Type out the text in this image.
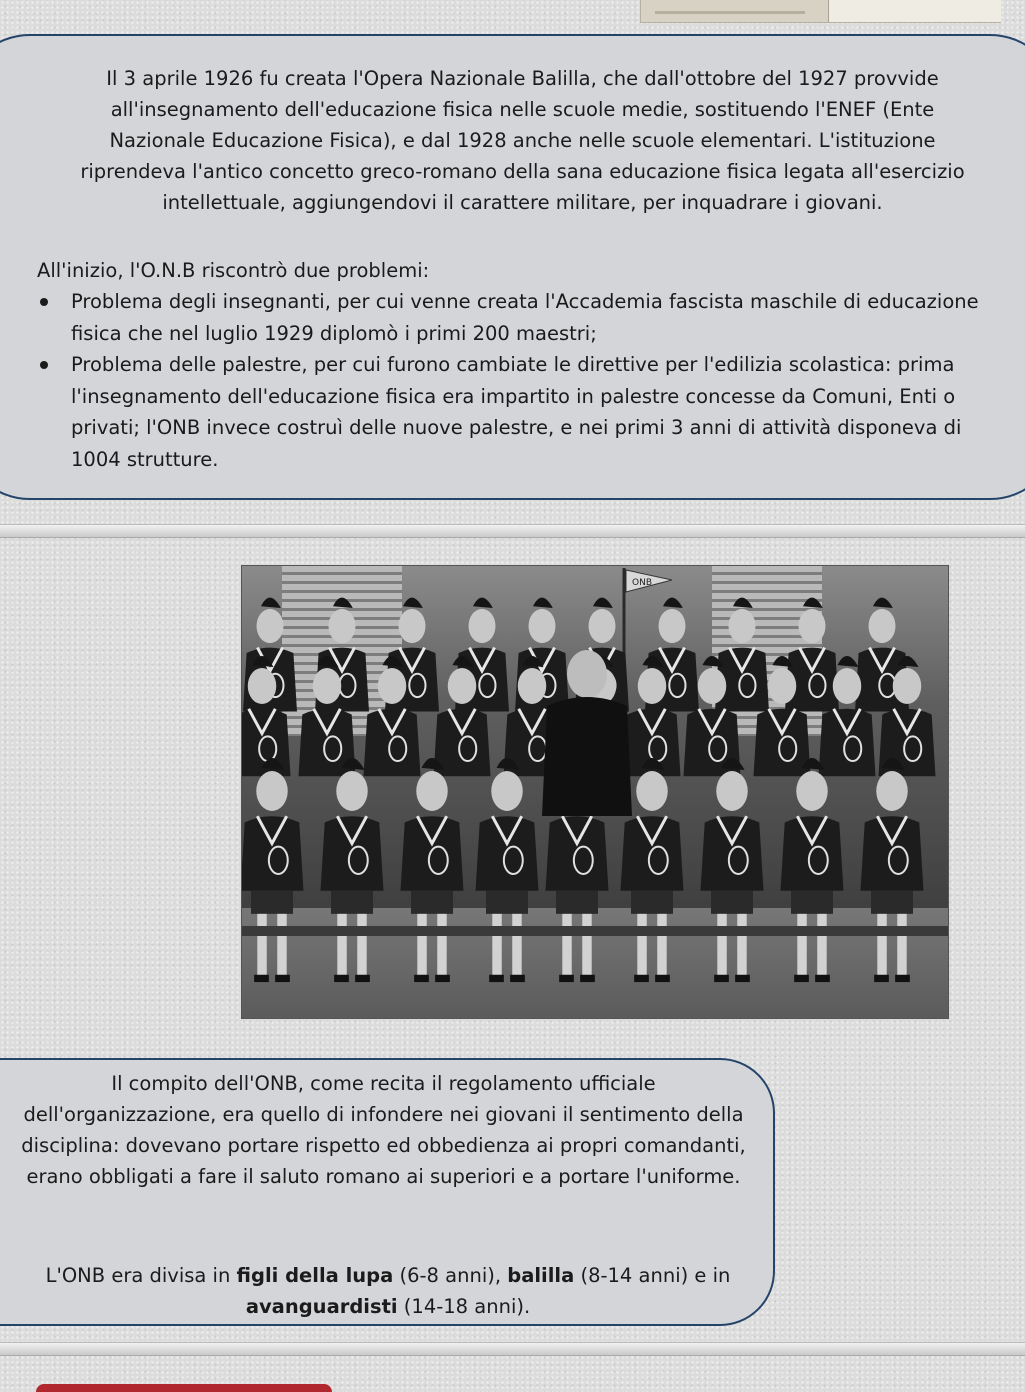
Il 3 aprile 1926 fu creata l'Opera Nazionale Balilla, che dall'ottobre del 1927 provvide all'insegnamento dell'educazione fisica nelle scuole medie, sostituendo l'ENEF (Ente Nazionale Educazione Fisica), e dal 1928 anche nelle scuole elementari. L'istituzione riprendeva l'antico concetto greco-romano della sana educazione fisica legata all'esercizio intellettuale, aggiungendovi il carattere militare, per inquadrare i giovani.
All'inizio, l'O.N.B riscontrò due problemi:
Problema degli insegnanti, per cui venne creata l'Accademia fascista maschile di educazione fisica che nel luglio 1929 diplomò i primi 200 maestri;
Problema delle palestre, per cui furono cambiate le direttive per l'edilizia scolastica: prima l'insegnamento dell'educazione fisica era impartito in palestre concesse da Comuni, Enti o privati; l'ONB invece costruì delle nuove palestre, e nei primi 3 anni di attività disponeva di 1004 strutture.
ONB
Il compito dell'ONB, come recita il regolamento ufficiale dell'organizzazione, era quello di infondere nei giovani il sentimento della disciplina: dovevano portare rispetto ed obbedienza ai propri comandanti, erano obbligati a fare il saluto romano ai superiori e a portare l'uniforme.
L'ONB era divisa in figli della lupa (6-8 anni), balilla (8-14 anni) e in avanguardisti (14-18 anni).
